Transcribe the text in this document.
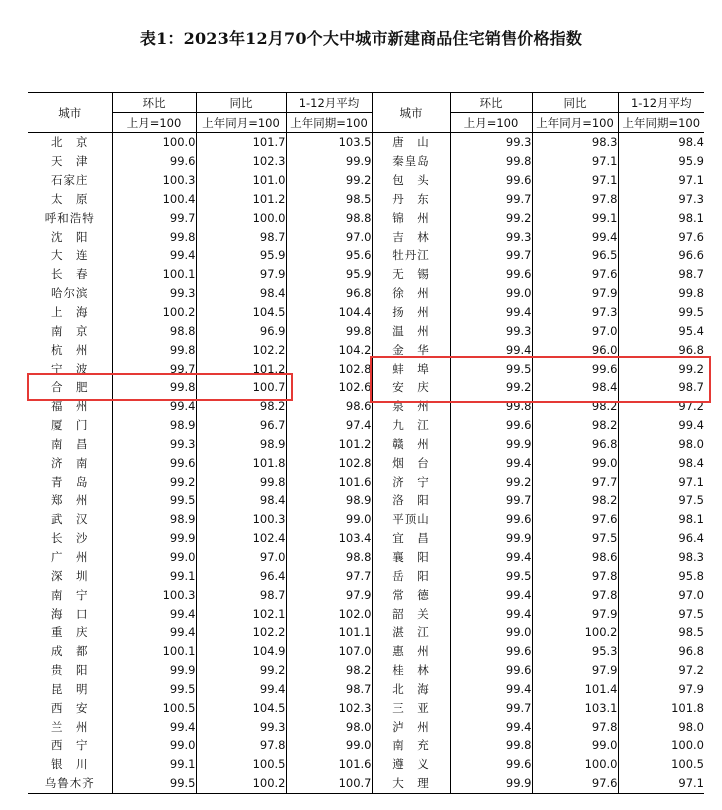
表1：2023年12月70个大中城市新建商品住宅销售价格指数
城市	环比	同比	1-12月平均	城市	环比	同比	1-12月平均
	上月=100	上年同月=100	上年同期=100		上月=100	上年同月=100	上年同期=100
北　京	100.0	101.7	103.5	唐　山	99.3	98.3	98.4
天　津	99.6	102.3	99.9	秦皇岛	99.8	97.1	95.9
石家庄	100.3	101.0	99.2	包　头	99.6	97.1	97.1
太　原	100.4	101.2	98.5	丹　东	99.7	97.8	97.3
呼和浩特	99.7	100.0	98.8	锦　州	99.2	99.1	98.1
沈　阳	99.8	98.7	97.0	吉　林	99.3	99.4	97.6
大　连	99.4	95.9	95.6	牡丹江	99.7	96.5	96.6
长　春	100.1	97.9	95.9	无　锡	99.6	97.6	98.7
哈尔滨	99.3	98.4	96.8	徐　州	99.0	97.9	99.8
上　海	100.2	104.5	104.4	扬　州	99.4	97.3	99.5
南　京	98.8	96.9	99.8	温　州	99.3	97.0	95.4
杭　州	99.8	102.2	104.2	金　华	99.4	96.0	96.8
宁　波	99.7	101.2	102.8	蚌　埠	99.5	99.6	99.2
合　肥	99.8	100.7	102.6	安　庆	99.2	98.4	98.7
福　州	99.4	98.2	98.6	泉　州	99.8	98.2	97.2
厦　门	98.9	96.7	97.4	九　江	99.6	98.2	99.4
南　昌	99.3	98.9	101.2	赣　州	99.9	96.8	98.0
济　南	99.6	101.8	102.8	烟　台	99.4	99.0	98.4
青　岛	99.2	99.8	101.6	济　宁	99.2	97.7	97.1
郑　州	99.5	98.4	98.9	洛　阳	99.7	98.2	97.5
武　汉	98.9	100.3	99.0	平顶山	99.6	97.6	98.1
长　沙	99.9	102.4	103.4	宜　昌	99.9	97.5	96.4
广　州	99.0	97.0	98.8	襄　阳	99.4	98.6	98.3
深　圳	99.1	96.4	97.7	岳　阳	99.5	97.8	95.8
南　宁	100.3	98.7	97.9	常　德	99.4	97.8	97.0
海　口	99.4	102.1	102.0	韶　关	99.4	97.9	97.5
重　庆	99.4	102.2	101.1	湛　江	99.0	100.2	98.5
成　都	100.1	104.9	107.0	惠　州	99.6	95.3	96.8
贵　阳	99.9	99.2	98.2	桂　林	99.6	97.9	97.2
昆　明	99.5	99.4	98.7	北　海	99.4	101.4	97.9
西　安	100.5	104.5	102.3	三　亚	99.7	103.1	101.8
兰　州	99.4	99.3	98.0	泸　州	99.4	97.8	98.0
西　宁	99.0	97.8	99.0	南　充	99.8	99.0	100.0
银　川	99.1	100.5	101.6	遵　义	99.6	100.0	100.5
乌鲁木齐	99.5	100.2	100.7	大　理	99.9	97.6	97.1
